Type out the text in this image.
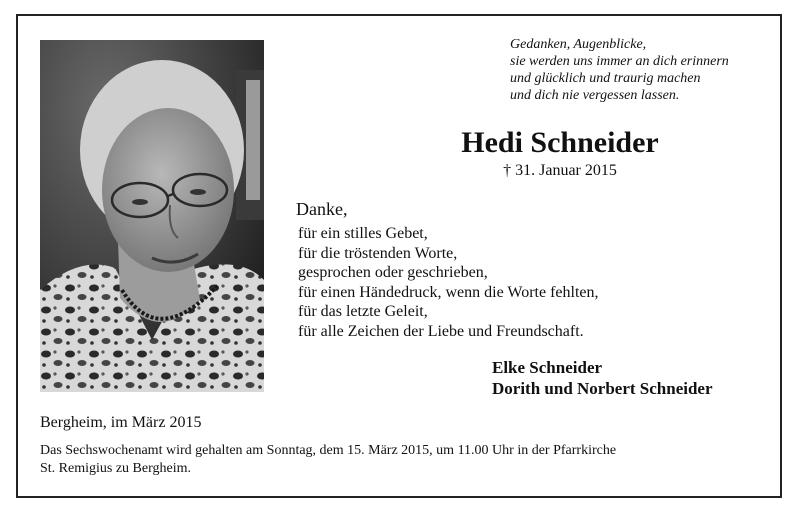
Gedanken, Augenblicke,
sie werden uns immer an dich erinnern
und glücklich und traurig machen
und dich nie vergessen lassen.
Hedi Schneider
† 31. Januar 2015
Danke,
für ein stilles Gebet,
für die tröstenden Worte,
gesprochen oder geschrieben,
für einen Händedruck, wenn die Worte fehlten,
für das letzte Geleit,
für alle Zeichen der Liebe und Freundschaft.
Elke Schneider
Dorith und Norbert Schneider
Bergheim, im März 2015
Das Sechswochenamt wird gehalten am Sonntag, dem 15. März 2015, um 11.00 Uhr in der Pfarrkirche
St. Remigius zu Bergheim.
